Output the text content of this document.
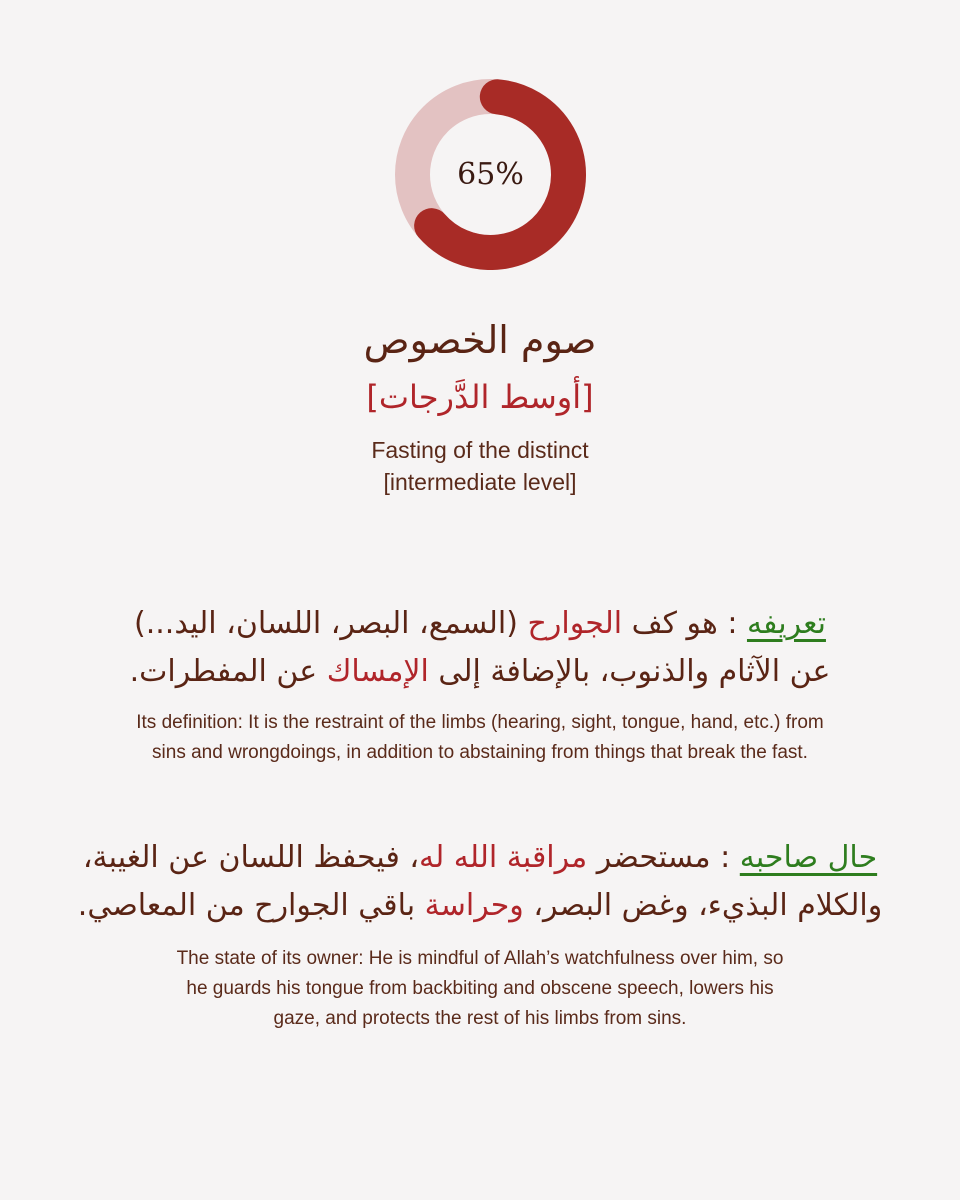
65%
صوم الخصوص
[أوسط الدَّرجات]
Fasting of the distinct
[intermediate level]
تعريفه : هو كف الجوارح (السمع، البصر، اللسان، اليد...)
عن الآثام والذنوب، بالإضافة إلى الإمساك عن المفطرات.
Its definition: It is the restraint of the limbs (hearing, sight, tongue, hand, etc.) from
sins and wrongdoings, in addition to abstaining from things that break the fast.
حال صاحبه : مستحضر مراقبة الله له، فيحفظ اللسان عن الغيبة،
والكلام البذيء، وغض البصر، وحراسة باقي الجوارح من المعاصي.
The state of its owner: He is mindful of Allah’s watchfulness over him, so
he guards his tongue from backbiting and obscene speech, lowers his
gaze, and protects the rest of his limbs from sins.
